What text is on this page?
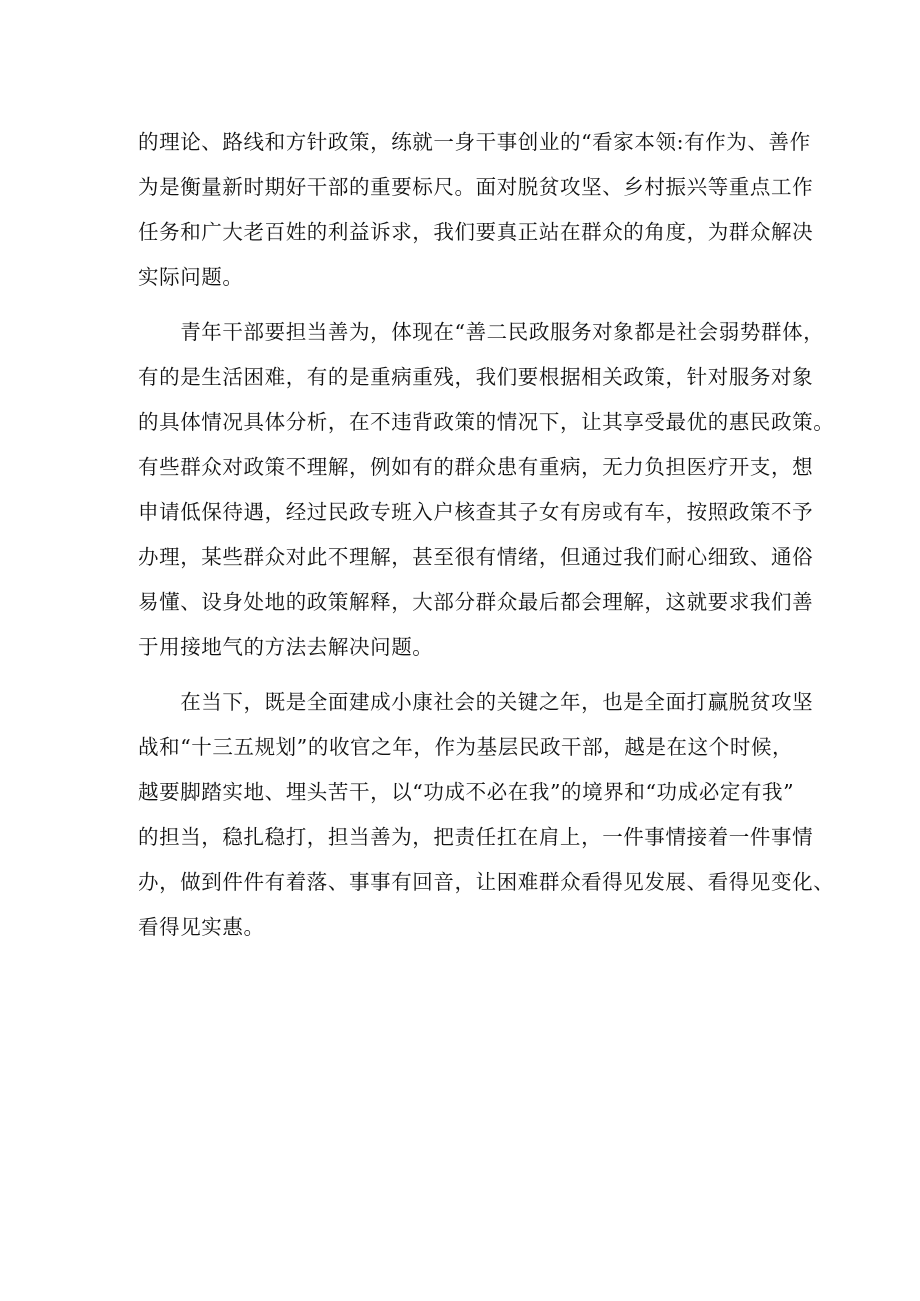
的理论、路线和方针政策，练就一身干事创业的“看家本领:有作为、善作
为是衡量新时期好干部的重要标尺。面对脱贫攻坚、乡村振兴等重点工作
任务和广大老百姓的利益诉求，我们要真正站在群众的角度，为群众解决
实际问题。
　　青年干部要担当善为，体现在“善二民政服务对象都是社会弱势群体，
有的是生活困难，有的是重病重残，我们要根据相关政策，针对服务对象
的具体情况具体分析，在不违背政策的情况下，让其享受最优的惠民政策。
有些群众对政策不理解，例如有的群众患有重病，无力负担医疗开支，想
申请低保待遇，经过民政专班入户核查其子女有房或有车，按照政策不予
办理，某些群众对此不理解，甚至很有情绪，但通过我们耐心细致、通俗
易懂、设身处地的政策解释，大部分群众最后都会理解，这就要求我们善
于用接地气的方法去解决问题。
　　在当下，既是全面建成小康社会的关键之年，也是全面打赢脱贫攻坚
战和“十三五规划”的收官之年，作为基层民政干部，越是在这个时候，
越要脚踏实地、埋头苦干，以“功成不必在我”的境界和“功成必定有我”
的担当，稳扎稳打，担当善为，把责任扛在肩上，一件事情接着一件事情
办，做到件件有着落、事事有回音，让困难群众看得见发展、看得见变化、
看得见实惠。
